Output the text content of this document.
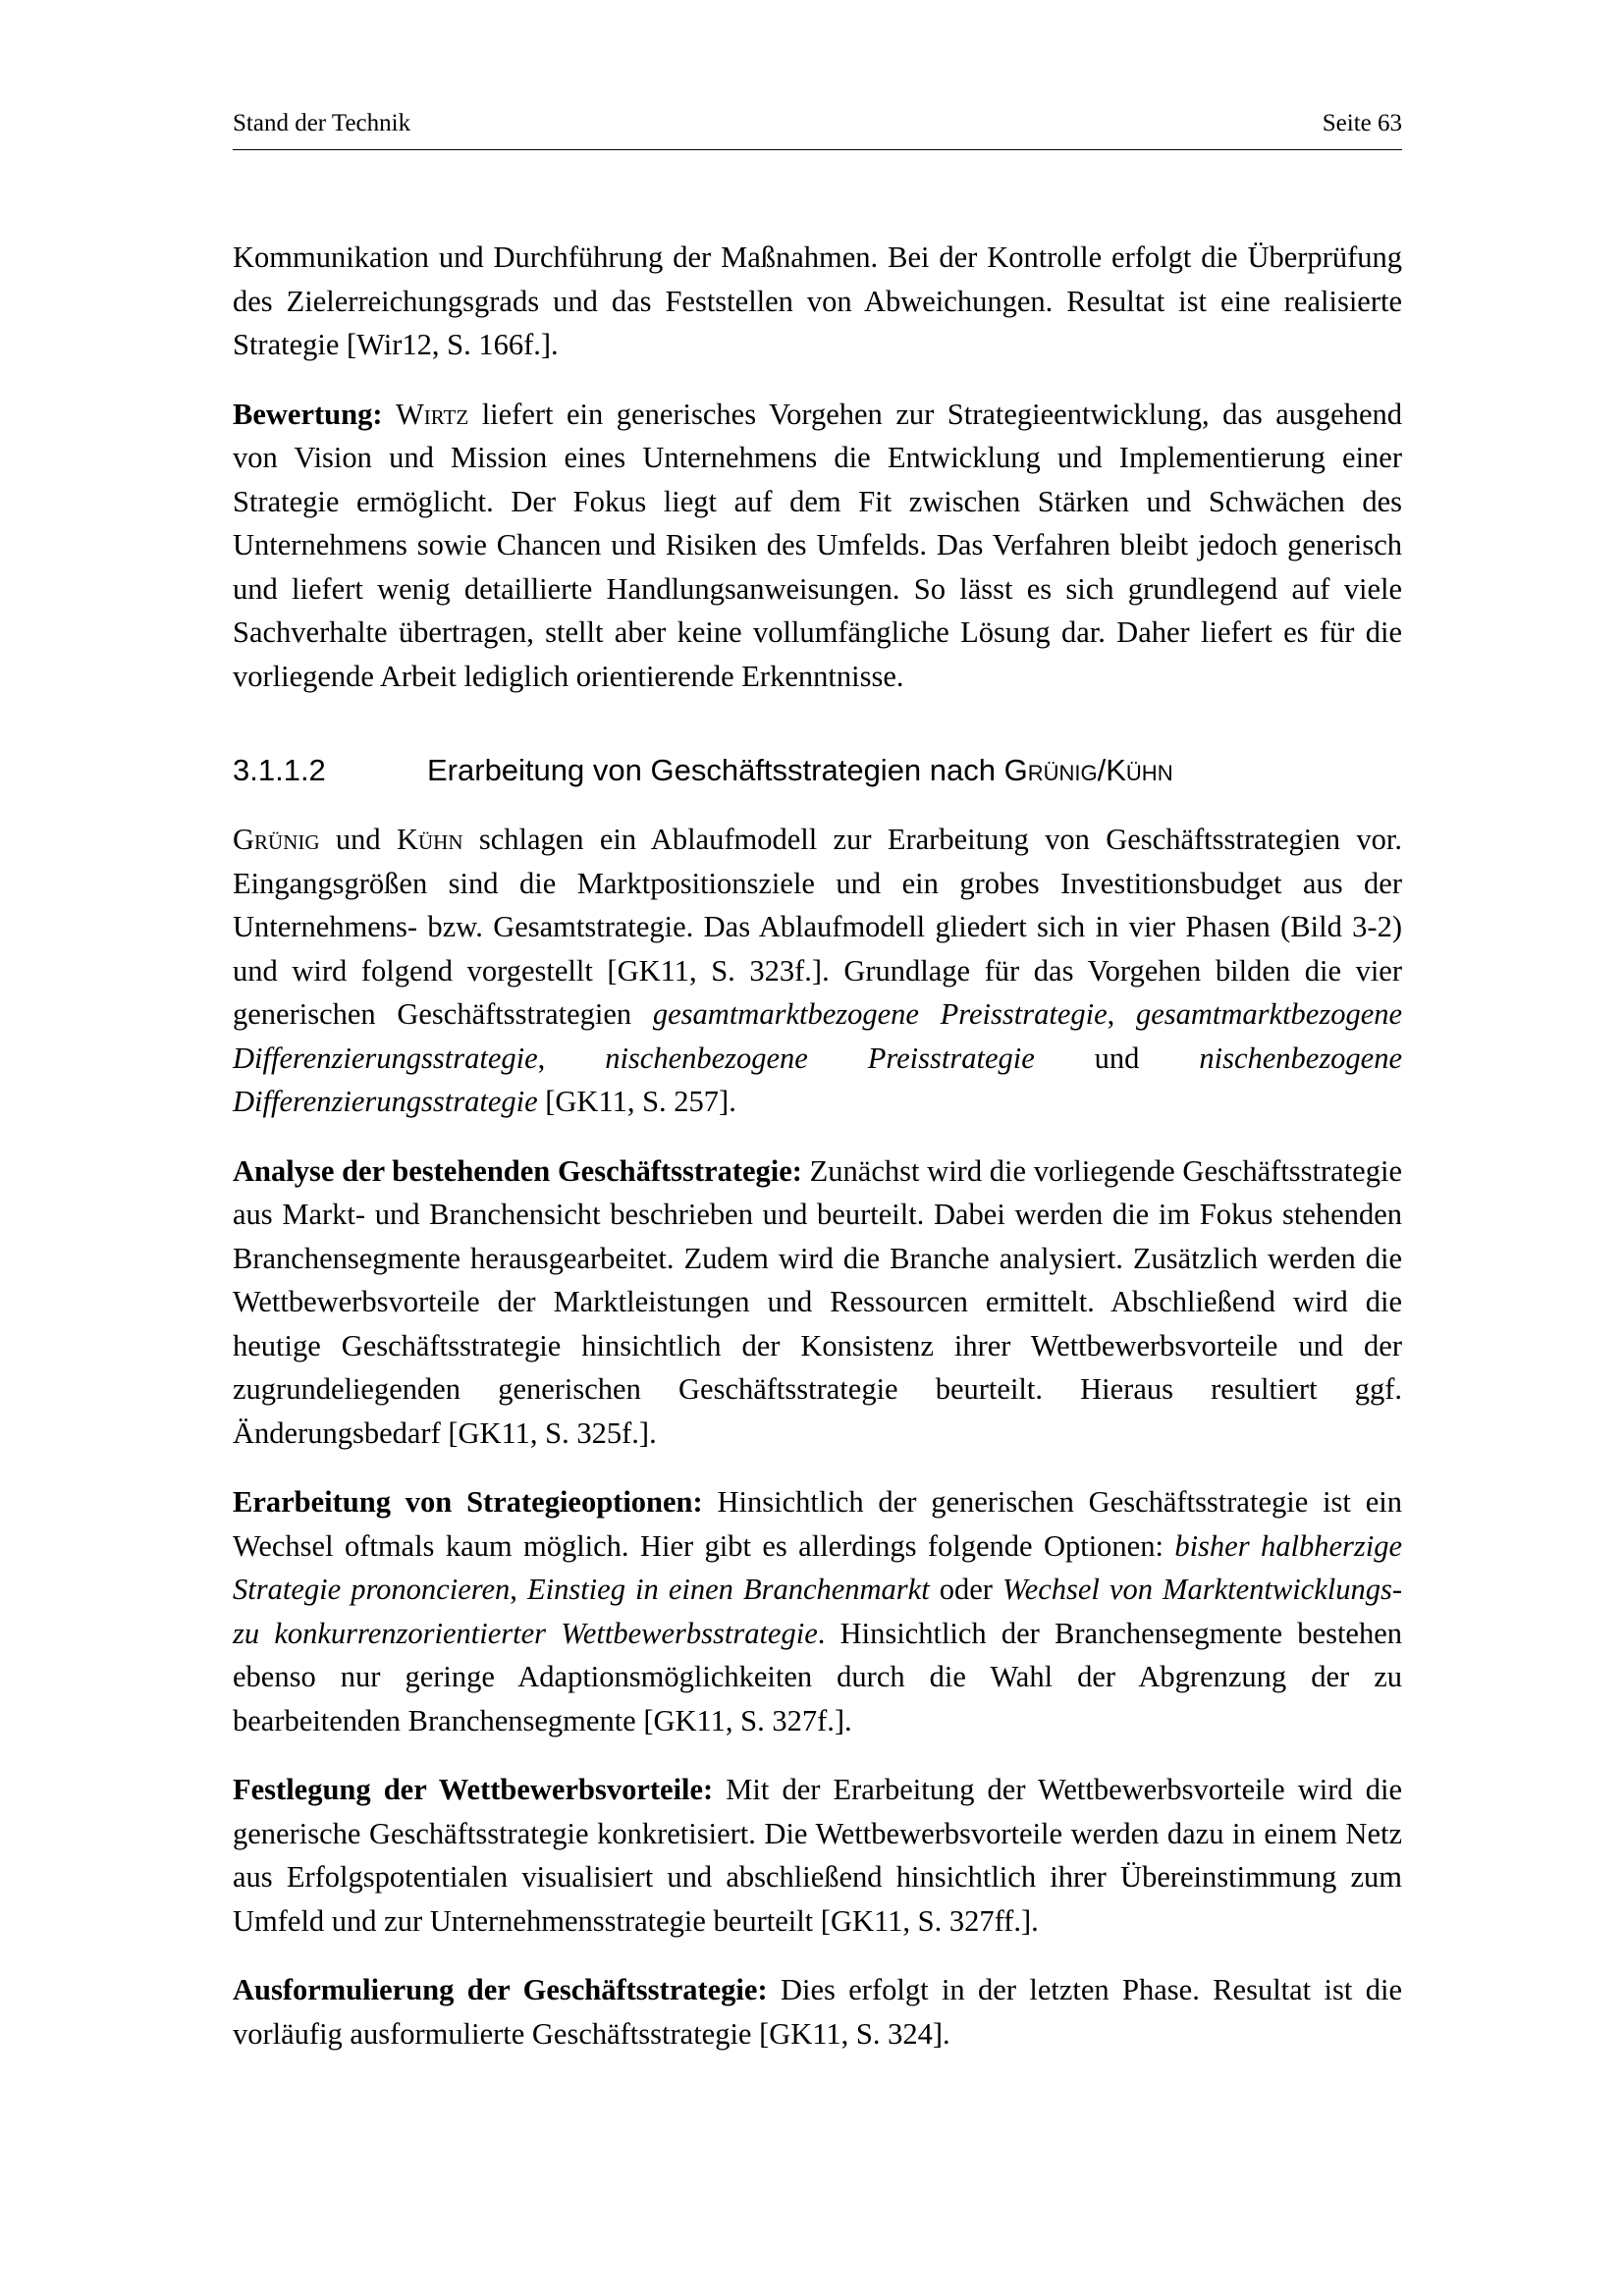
Stand der Technik	Seite 63

Kommunikation und Durchführung der Maßnahmen. Bei der Kontrolle erfolgt die Überprüfung des Zielerreichungsgrads und das Feststellen von Abweichungen. Resultat ist eine realisierte Strategie [Wir12, S. 166f.].

Bewertung: Wirtz liefert ein generisches Vorgehen zur Strategieentwicklung, das ausgehend von Vision und Mission eines Unternehmens die Entwicklung und Implementierung einer Strategie ermöglicht. Der Fokus liegt auf dem Fit zwischen Stärken und Schwächen des Unternehmens sowie Chancen und Risiken des Umfelds. Das Verfahren bleibt jedoch generisch und liefert wenig detaillierte Handlungsanweisungen. So lässt es sich grundlegend auf viele Sachverhalte übertragen, stellt aber keine vollumfängliche Lösung dar. Daher liefert es für die vorliegende Arbeit lediglich orientierende Erkenntnisse.

3.1.1.2	Erarbeitung von Geschäftsstrategien nach Grünig/Kühn

Grünig und Kühn schlagen ein Ablaufmodell zur Erarbeitung von Geschäftsstrategien vor. Eingangsgrößen sind die Marktpositionsziele und ein grobes Investitionsbudget aus der Unternehmens- bzw. Gesamtstrategie. Das Ablaufmodell gliedert sich in vier Phasen (Bild 3-2) und wird folgend vorgestellt [GK11, S. 323f.]. Grundlage für das Vorgehen bilden die vier generischen Geschäftsstrategien gesamtmarktbezogene Preisstrategie, gesamtmarktbezogene Differenzierungsstrategie, nischenbezogene Preisstrategie und nischenbezogene Differenzierungsstrategie [GK11, S. 257].

Analyse der bestehenden Geschäftsstrategie: Zunächst wird die vorliegende Geschäftsstrategie aus Markt- und Branchensicht beschrieben und beurteilt. Dabei werden die im Fokus stehenden Branchensegmente herausgearbeitet. Zudem wird die Branche analysiert. Zusätzlich werden die Wettbewerbsvorteile der Marktleistungen und Ressourcen ermittelt. Abschließend wird die heutige Geschäftsstrategie hinsichtlich der Konsistenz ihrer Wettbewerbsvorteile und der zugrundeliegenden generischen Geschäftsstrategie beurteilt. Hieraus resultiert ggf. Änderungsbedarf [GK11, S. 325f.].

Erarbeitung von Strategieoptionen: Hinsichtlich der generischen Geschäftsstrategie ist ein Wechsel oftmals kaum möglich. Hier gibt es allerdings folgende Optionen: bisher halbherzige Strategie prononcieren, Einstieg in einen Branchenmarkt oder Wechsel von Marktentwicklungs- zu konkurrenzorientierter Wettbewerbsstrategie. Hinsichtlich der Branchensegmente bestehen ebenso nur geringe Adaptionsmöglichkeiten durch die Wahl der Abgrenzung der zu bearbeitenden Branchensegmente [GK11, S. 327f.].

Festlegung der Wettbewerbsvorteile: Mit der Erarbeitung der Wettbewerbsvorteile wird die generische Geschäftsstrategie konkretisiert. Die Wettbewerbsvorteile werden dazu in einem Netz aus Erfolgspotentialen visualisiert und abschließend hinsichtlich ihrer Übereinstimmung zum Umfeld und zur Unternehmensstrategie beurteilt [GK11, S. 327ff.].

Ausformulierung der Geschäftsstrategie: Dies erfolgt in der letzten Phase. Resultat ist die vorläufig ausformulierte Geschäftsstrategie [GK11, S. 324].
